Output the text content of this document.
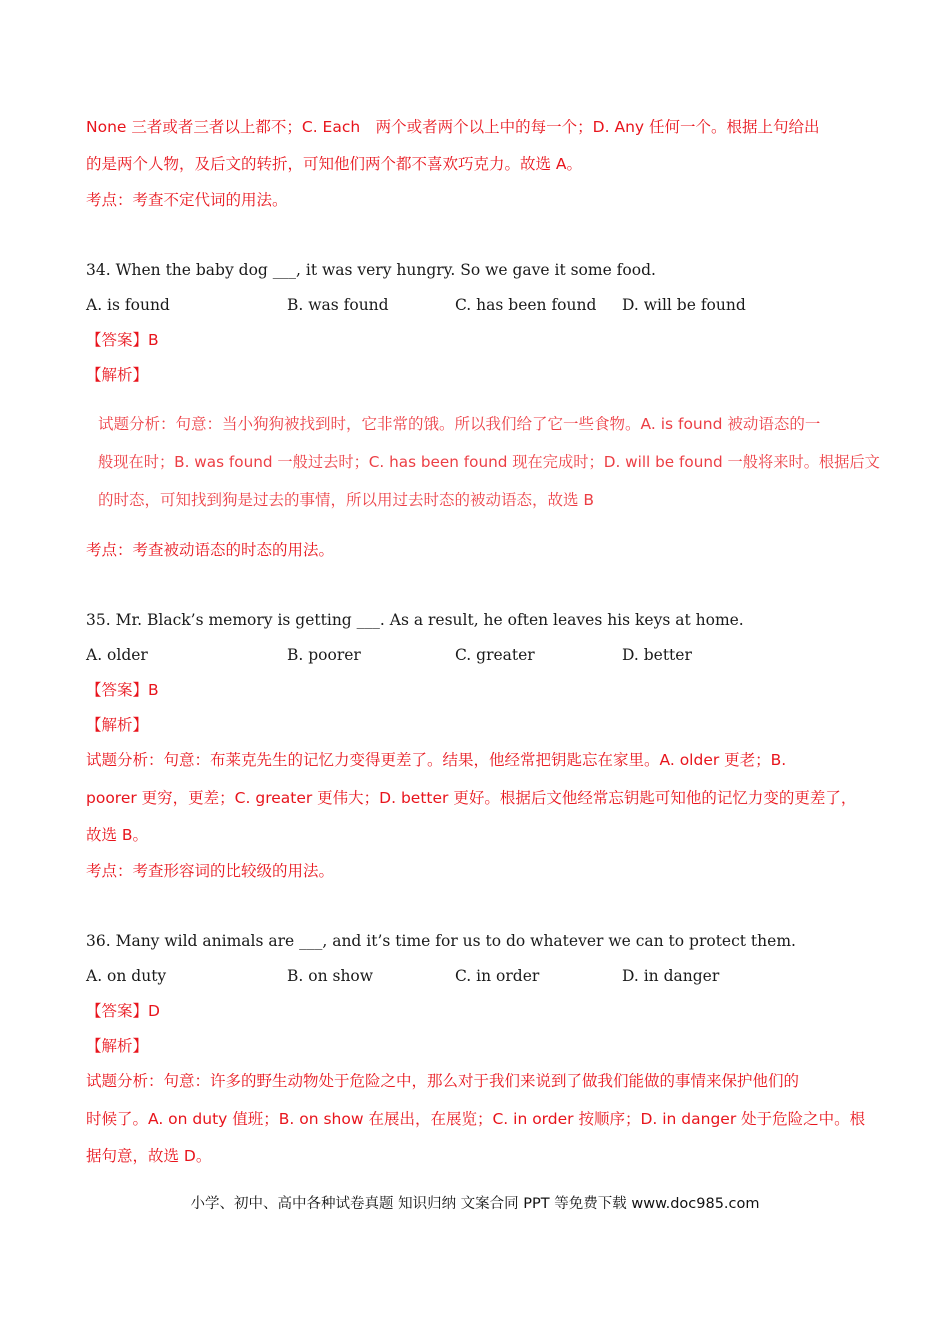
None 三者或者三者以上都不；C. Each　两个或者两个以上中的每一个；D. Any 任何一个。根据上句给出
的是两个人物，及后文的转折，可知他们两个都不喜欢巧克力。故选 A。
考点：考查不定代词的用法。
34. When the baby dog ___, it was very hungry. So we gave it some food.
A. is found	B. was found	C. has been found D. will be found
【答案】B
【解析】
试题分析：句意：当小狗狗被找到时，它非常的饿。所以我们给了它一些食物。A. is found 被动语态的一
般现在时；B. was found 一般过去时；C. has been found 现在完成时；D. will be found 一般将来时。根据后文
的时态，可知找到狗是过去的事情，所以用过去时态的被动语态，故选 B
考点：考查被动语态的时态的用法。
35. Mr. Black’s memory is getting ___. As a result, he often leaves his keys at home.
A. older	B. poorer	C. greater	D. better
【答案】B
【解析】
试题分析：句意：布莱克先生的记忆力变得更差了。结果，他经常把钥匙忘在家里。A. older 更老；B.
poorer 更穷，更差；C. greater 更伟大；D. better 更好。根据后文他经常忘钥匙可知他的记忆力变的更差了，
故选 B。
考点：考查形容词的比较级的用法。
36. Many wild animals are ___, and it’s time for us to do whatever we can to protect them.
A. on duty	B. on show	C. in order	D. in danger
【答案】D
【解析】
试题分析：句意：许多的野生动物处于危险之中，那么对于我们来说到了做我们能做的事情来保护他们的
时候了。A. on duty 值班；B. on show 在展出，在展览；C. in order 按顺序；D. in danger 处于危险之中。根
据句意，故选 D。
小学、初中、高中各种试卷真题 知识归纳 文案合同 PPT 等免费下载 www.doc985.com
